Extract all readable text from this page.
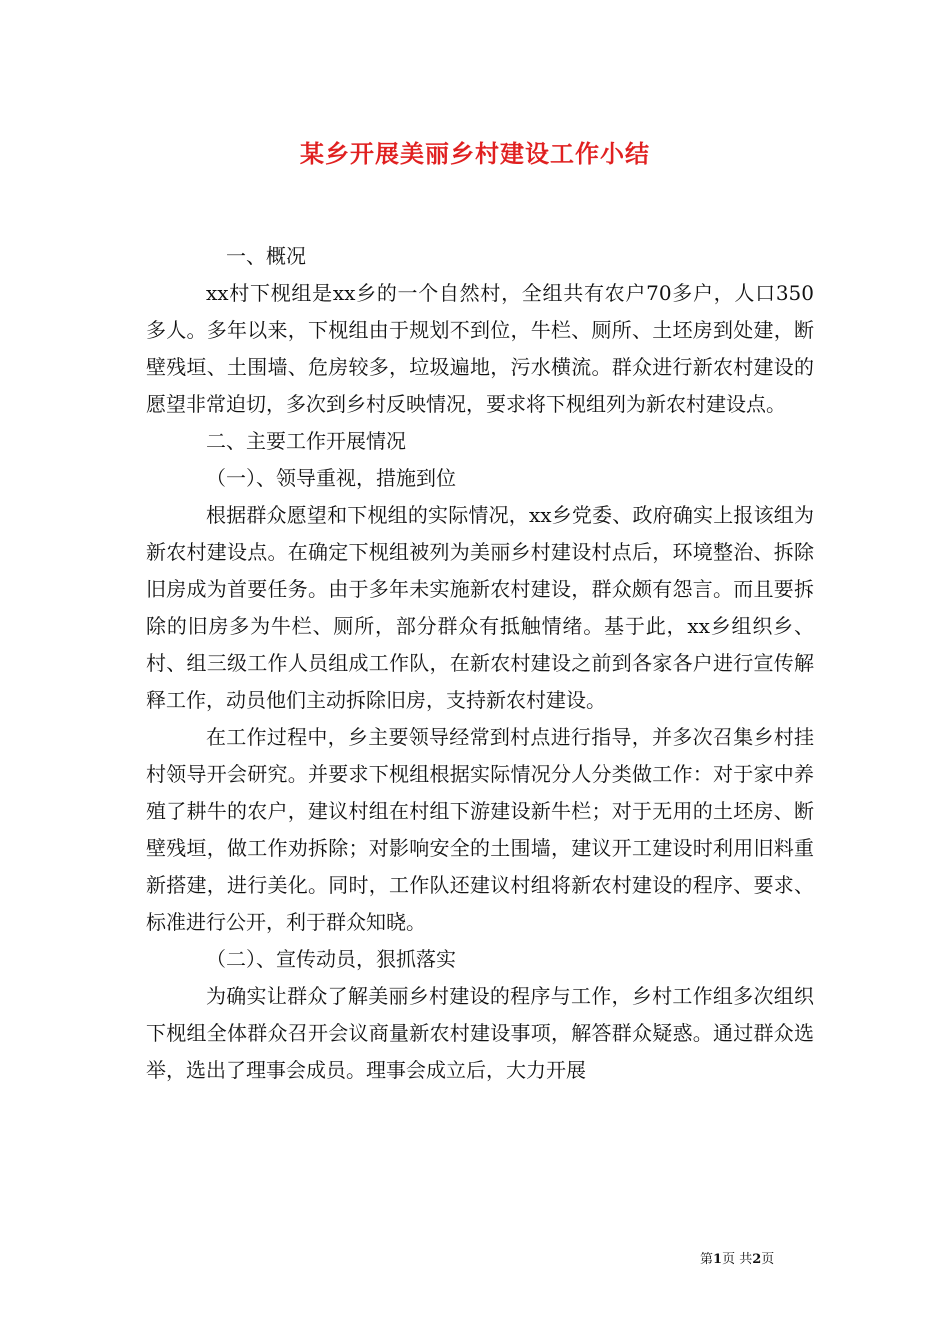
某乡开展美丽乡村建设工作小结

一、概况

xx村下枧组是xx乡的一个自然村，全组共有农户70多户，人口350多人。多年以来，下枧组由于规划不到位，牛栏、厕所、土坯房到处建，断壁残垣、土围墙、危房较多，垃圾遍地，污水横流。群众进行新农村建设的愿望非常迫切，多次到乡村反映情况，要求将下枧组列为新农村建设点。

二、主要工作开展情况

（一）、领导重视，措施到位

根据群众愿望和下枧组的实际情况，xx乡党委、政府确实上报该组为新农村建设点。在确定下枧组被列为美丽乡村建设村点后，环境整治、拆除旧房成为首要任务。由于多年未实施新农村建设，群众颇有怨言。而且要拆除的旧房多为牛栏、厕所，部分群众有抵触情绪。基于此，xx乡组织乡、村、组三级工作人员组成工作队，在新农村建设之前到各家各户进行宣传解释工作，动员他们主动拆除旧房，支持新农村建设。

在工作过程中，乡主要领导经常到村点进行指导，并多次召集乡村挂村领导开会研究。并要求下枧组根据实际情况分人分类做工作：对于家中养殖了耕牛的农户，建议村组在村组下游建设新牛栏；对于无用的土坯房、断壁残垣，做工作劝拆除；对影响安全的土围墙，建议开工建设时利用旧料重新搭建，进行美化。同时，工作队还建议村组将新农村建设的程序、要求、标准进行公开，利于群众知晓。

（二）、宣传动员，狠抓落实

为确实让群众了解美丽乡村建设的程序与工作，乡村工作组多次组织下枧组全体群众召开会议商量新农村建设事项，解答群众疑惑。通过群众选举，选出了理事会成员。理事会成立后，大力开展

第1页 共2页
